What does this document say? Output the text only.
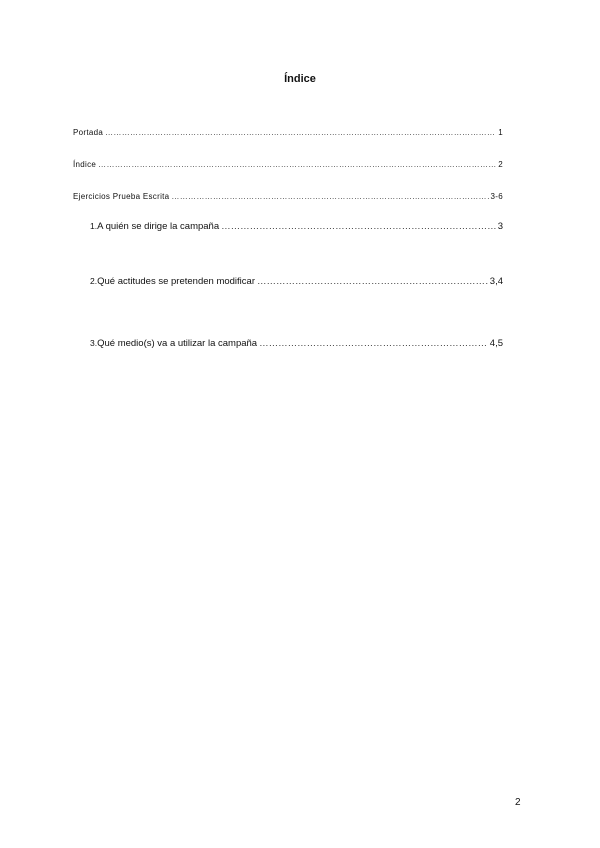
Índice
Portada ……………………………………………………………………………………………………………………………………………………………………………………………………………	1
Índice ……………………………………………………………………………………………………………………………………………………………………………………………………………	2
Ejercicios Prueba Escrita ……………………………………………………………………………………………………………………………………………………………………………………………………………	3-6
1. A quién se dirige la campaña ……………………………………………………………………………………………………………………………………………………………………………………………………………	3
2. Qué actitudes se pretenden modificar ……………………………………………………………………………………………………………………………………………………………………………………………………………	3,4
3. Qué medio(s) va a utilizar la campaña ……………………………………………………………………………………………………………………………………………………………………………………………………………	4,5
2
